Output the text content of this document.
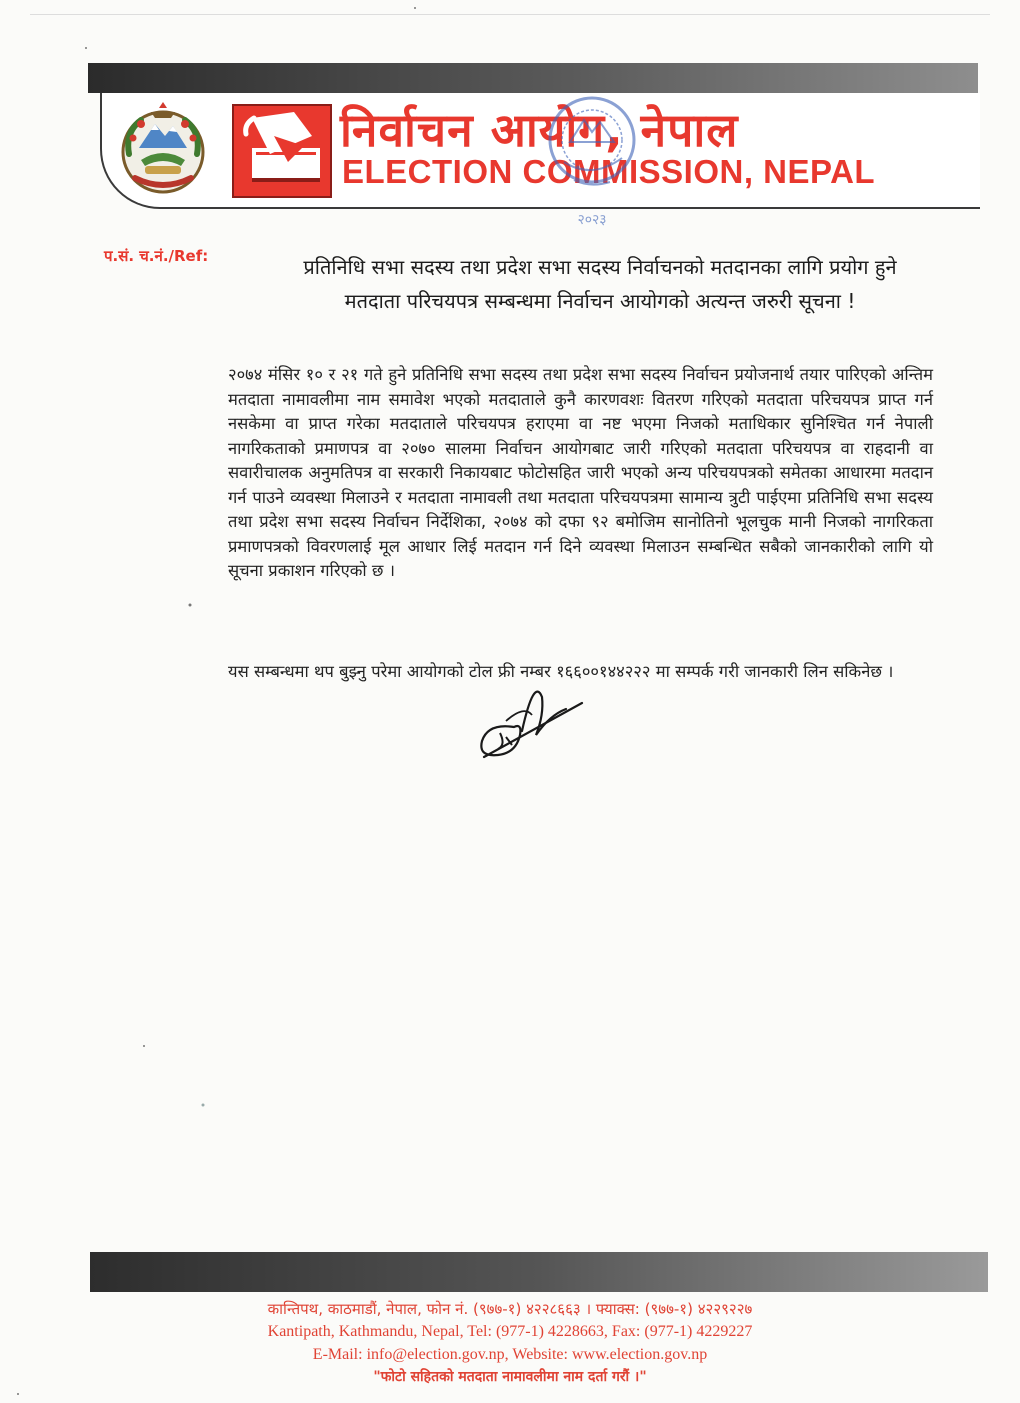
निर्वाचन आयोग, नेपाल
ELECTION COMMISSION, NEPAL
२०२३
प.सं. च.नं./Ref:	प्रतिनिधि सभा सदस्य तथा प्रदेश सभा सदस्य निर्वाचनको मतदानका लागि प्रयोग हुने
मतदाता परिचयपत्र सम्बन्धमा निर्वाचन आयोगको अत्यन्त जरुरी सूचना !
२०७४ मंसिर १० र २१ गते हुने प्रतिनिधि सभा सदस्य तथा प्रदेश सभा सदस्य निर्वाचन प्रयोजनार्थ तयार पारिएको अन्तिम मतदाता नामावलीमा नाम समावेश भएको मतदाताले कुनै कारणवशः वितरण गरिएको मतदाता परिचयपत्र प्राप्त गर्न नसकेमा वा प्राप्त गरेका मतदाताले परिचयपत्र हराएमा वा नष्ट भएमा निजको मताधिकार सुनिश्चित गर्न नेपाली नागरिकताको प्रमाणपत्र वा २०७० सालमा निर्वाचन आयोगबाट जारी गरिएको मतदाता परिचयपत्र वा राहदानी वा सवारीचालक अनुमतिपत्र वा सरकारी निकायबाट फोटोसहित जारी भएको अन्य परिचयपत्रको समेतका आधारमा मतदान गर्न पाउने व्यवस्था मिलाउने र मतदाता नामावली तथा मतदाता परिचयपत्रमा सामान्य त्रुटी पाईएमा प्रतिनिधि सभा सदस्य तथा प्रदेश सभा सदस्य निर्वाचन निर्देशिका, २०७४ को दफा ९२ बमोजिम सानोतिनो भूलचुक मानी निजको नागरिकता प्रमाणपत्रको विवरणलाई मूल आधार लिई मतदान गर्न दिने व्यवस्था मिलाउन सम्बन्धित सबैको जानकारीको लागि यो सूचना प्रकाशन गरिएको छ ।
यस सम्बन्धमा थप बुझ्नु परेमा आयोगको टोल फ्री नम्बर १६६००१४४२२२ मा सम्पर्क गरी जानकारी लिन सकिनेछ ।
कान्तिपथ, काठमाडौं, नेपाल, फोन नं. (९७७-१) ४२२८६६३ । फ्याक्स: (९७७-१) ४२२९२२७
Kantipath, Kathmandu, Nepal, Tel: (977-1) 4228663, Fax: (977-1) 4229227
E-Mail: info@election.gov.np, Website: www.election.gov.np
"फोटो सहितको मतदाता नामावलीमा नाम दर्ता गरौं ।"
